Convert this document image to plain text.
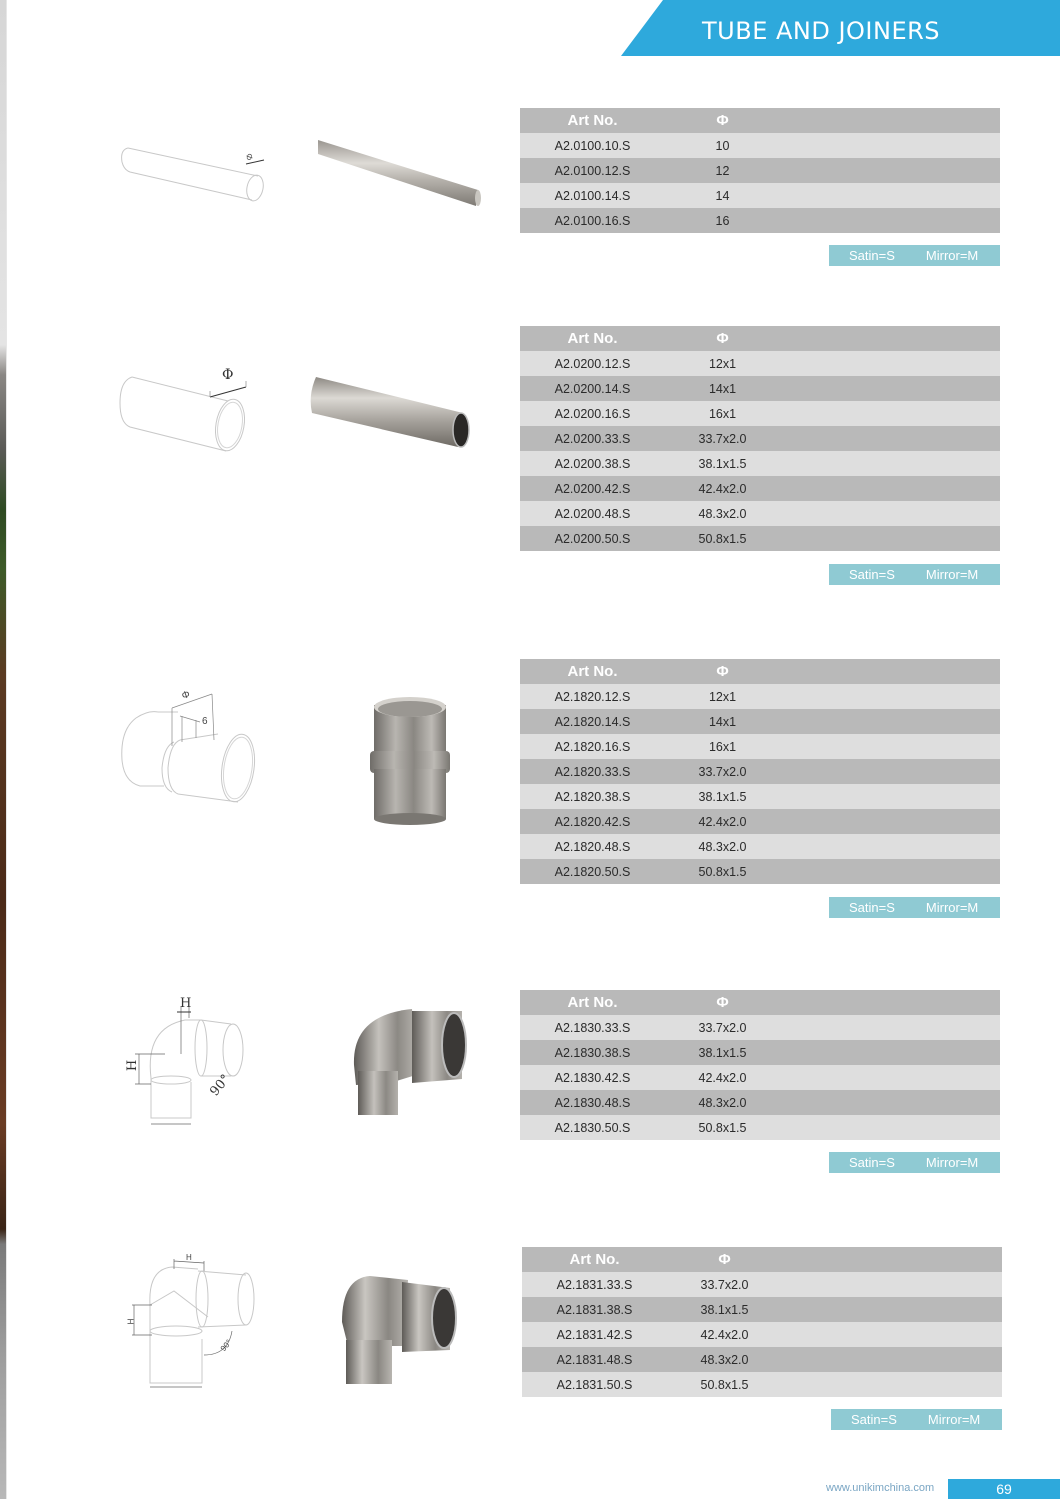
TUBE AND JOINERS
Φ
Art No.	Φ
A2.0100.10.S	10
A2.0100.12.S	12
A2.0100.14.S	14
A2.0100.16.S	16
Satin=S Mirror=M
Φ
Art No.	Φ
A2.0200.12.S	12x1
A2.0200.14.S	14x1
A2.0200.16.S	16x1
A2.0200.33.S	33.7x2.0
A2.0200.38.S	38.1x1.5
A2.0200.42.S	42.4x2.0
A2.0200.48.S	48.3x2.0
A2.0200.50.S	50.8x1.5
Satin=S Mirror=M
Φ
6
Art No.	Φ
A2.1820.12.S	12x1
A2.1820.14.S	14x1
A2.1820.16.S	16x1
A2.1820.33.S	33.7x2.0
A2.1820.38.S	38.1x1.5
A2.1820.42.S	42.4x2.0
A2.1820.48.S	48.3x2.0
A2.1820.50.S	50.8x1.5
Satin=S Mirror=M
H
H
90°
Art No.	Φ
A2.1830.33.S	33.7x2.0
A2.1830.38.S	38.1x1.5
A2.1830.42.S	42.4x2.0
A2.1830.48.S	48.3x2.0
A2.1830.50.S	50.8x1.5
Satin=S Mirror=M
H
H
90°
Art No.	Φ
A2.1831.33.S	33.7x2.0
A2.1831.38.S	38.1x1.5
A2.1831.42.S	42.4x2.0
A2.1831.48.S	48.3x2.0
A2.1831.50.S	50.8x1.5
Satin=S Mirror=M
www.unikimchina.com	69
